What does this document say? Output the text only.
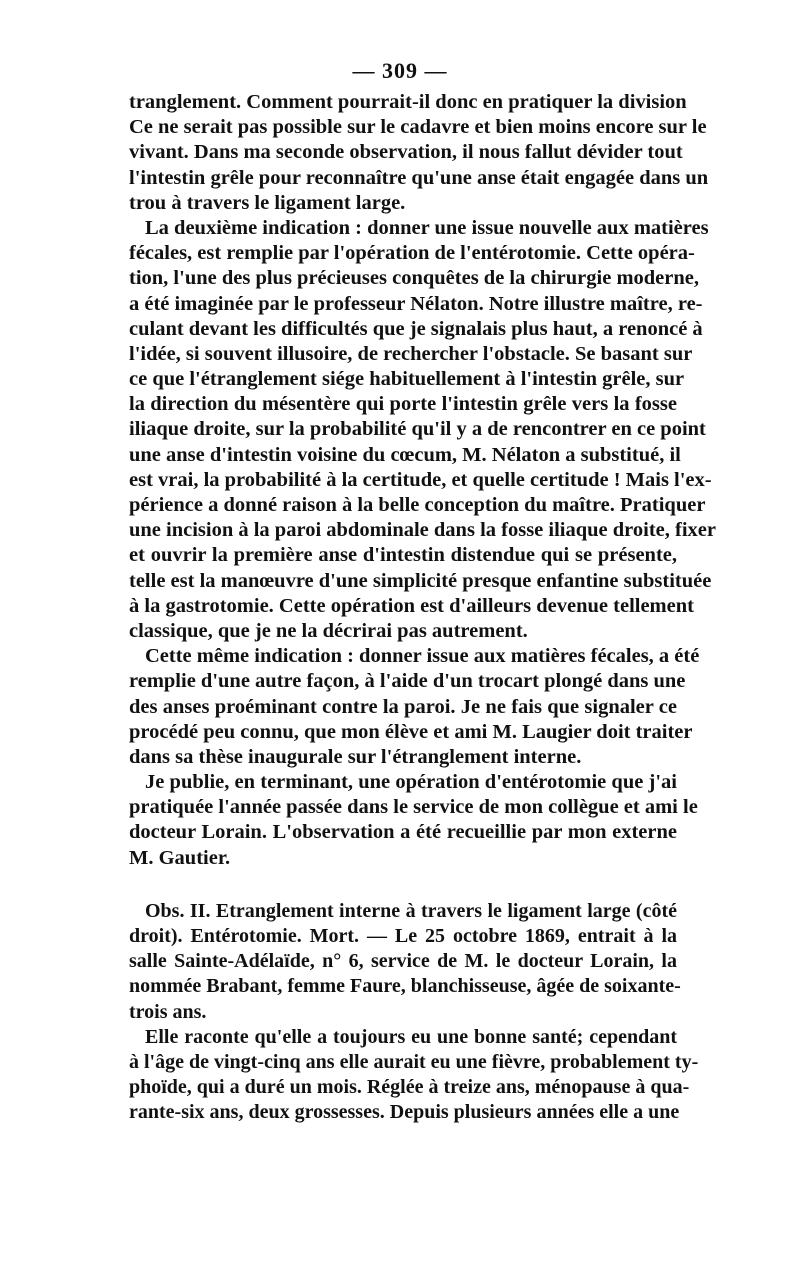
— 309 —
tranglement. Comment pourrait-il donc en pratiquer la division
Ce ne serait pas possible sur le cadavre et bien moins encore sur le
vivant. Dans ma seconde observation, il nous fallut dévider tout
l'intestin grêle pour reconnaître qu'une anse était engagée dans un
trou à travers le ligament large.
La deuxième indication : donner une issue nouvelle aux matières
fécales, est remplie par l'opération de l'entérotomie. Cette opéra-
tion, l'une des plus précieuses conquêtes de la chirurgie moderne,
a été imaginée par le professeur Nélaton. Notre illustre maître, re-
culant devant les difficultés que je signalais plus haut, a renoncé à
l'idée, si souvent illusoire, de rechercher l'obstacle. Se basant sur
ce que l'étranglement siége habituellement à l'intestin grêle, sur
la direction du mésentère qui porte l'intestin grêle vers la fosse
iliaque droite, sur la probabilité qu'il y a de rencontrer en ce point
une anse d'intestin voisine du cœcum, M. Nélaton a substitué, il
est vrai, la probabilité à la certitude, et quelle certitude ! Mais l'ex-
périence a donné raison à la belle conception du maître. Pratiquer
une incision à la paroi abdominale dans la fosse iliaque droite, fixer
et ouvrir la première anse d'intestin distendue qui se présente,
telle est la manœuvre d'une simplicité presque enfantine substituée
à la gastrotomie. Cette opération est d'ailleurs devenue tellement
classique, que je ne la décrirai pas autrement.
Cette même indication : donner issue aux matières fécales, a été
remplie d'une autre façon, à l'aide d'un trocart plongé dans une
des anses proéminant contre la paroi. Je ne fais que signaler ce
procédé peu connu, que mon élève et ami M. Laugier doit traiter
dans sa thèse inaugurale sur l'étranglement interne.
Je publie, en terminant, une opération d'entérotomie que j'ai
pratiquée l'année passée dans le service de mon collègue et ami le
docteur Lorain. L'observation a été recueillie par mon externe
M. Gautier.
Obs. II. Etranglement interne à travers le ligament large (côté
droit). Entérotomie. Mort. — Le 25 octobre 1869, entrait à la
salle Sainte-Adélaïde, n° 6, service de M. le docteur Lorain, la
nommée Brabant, femme Faure, blanchisseuse, âgée de soixante-
trois ans.
Elle raconte qu'elle a toujours eu une bonne santé; cependant
à l'âge de vingt-cinq ans elle aurait eu une fièvre, probablement ty-
phoïde, qui a duré un mois. Réglée à treize ans, ménopause à qua-
rante-six ans, deux grossesses. Depuis plusieurs années elle a une
